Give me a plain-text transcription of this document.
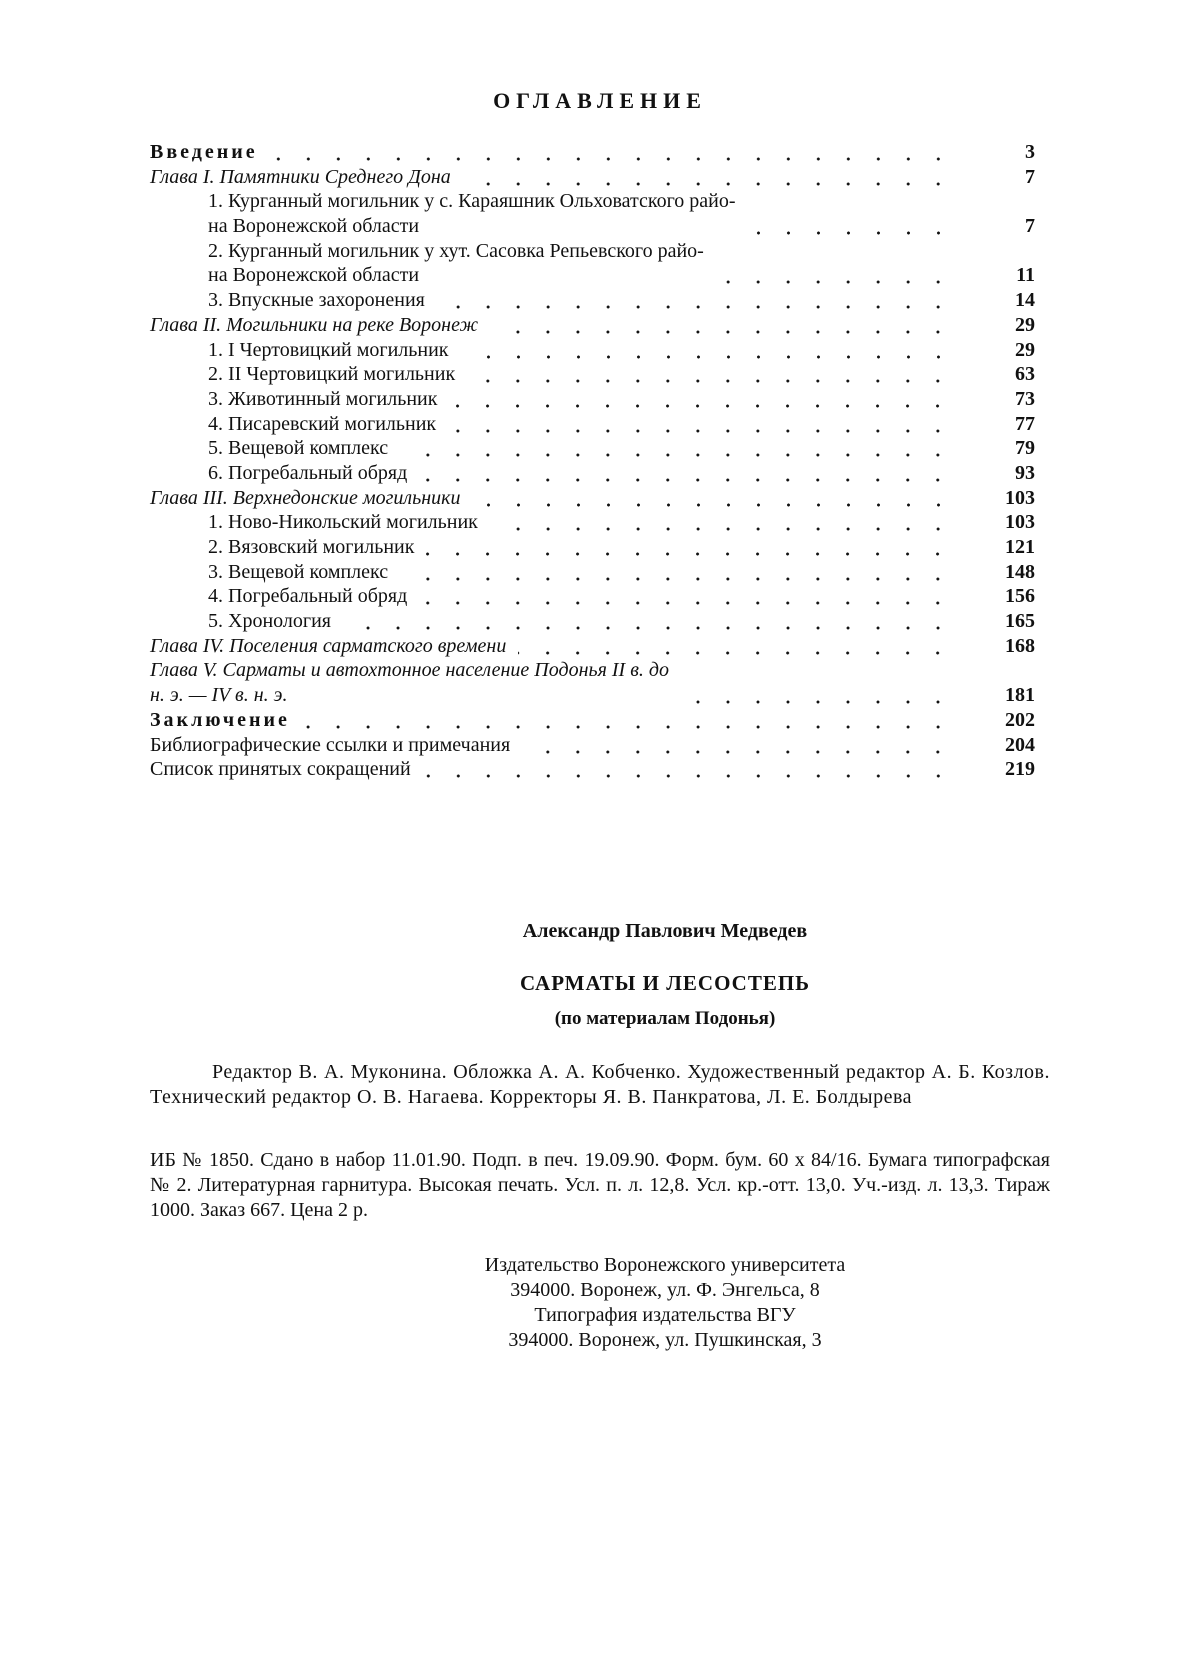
ОГЛАВЛЕНИЕ
Введение	3
Глава I. Памятники Среднего Дона	7
1. Курганный могильник у с. Караяшник Ольховатского райо-
на Воронежской области	7
2. Курганный могильник у хут. Сасовка Репьевского райо-
на Воронежской области	11
3. Впускные захоронения	14
Глава II. Могильники на реке Воронеж	29
1. I Чертовицкий могильник	29
2. II Чертовицкий могильник	63
3. Животинный могильник	73
4. Писаревский могильник	77
5. Вещевой комплекс	79
6. Погребальный обряд	93
Глава III. Верхнедонские могильники	103
1. Ново-Никольский могильник	103
2. Вязовский могильник	121
3. Вещевой комплекс	148
4. Погребальный обряд	156
5. Хронология	165
Глава IV. Поселения сарматского времени	168
Глава V. Сарматы и автохтонное население Подонья II в. до
н. э. — IV в. н. э.	181
Заключение	202
Библиографические ссылки и примечания	204
Список принятых сокращений	219
Александр Павлович Медведев
САРМАТЫ И ЛЕСОСТЕПЬ
(по материалам Подонья)
Редактор В. А. Муконина. Обложка А. А. Кобченко. Художественный редактор А. Б. Козлов. Технический редактор О. В. Нагаева. Корректоры Я. В. Панкратова, Л. Е. Болдырева
ИБ № 1850. Сдано в набор 11.01.90. Подп. в печ. 19.09.90. Форм. бум. 60 х 84/16. Бумага типографская № 2. Литературная гарнитура. Высокая печать. Усл. п. л. 12,8. Усл. кр.-отт. 13,0. Уч.-изд. л. 13,3. Тираж 1000. Заказ 667. Цена 2 р.
Издательство Воронежского университета
394000. Воронеж, ул. Ф. Энгельса, 8
Типография издательства ВГУ
394000. Воронеж, ул. Пушкинская, 3
